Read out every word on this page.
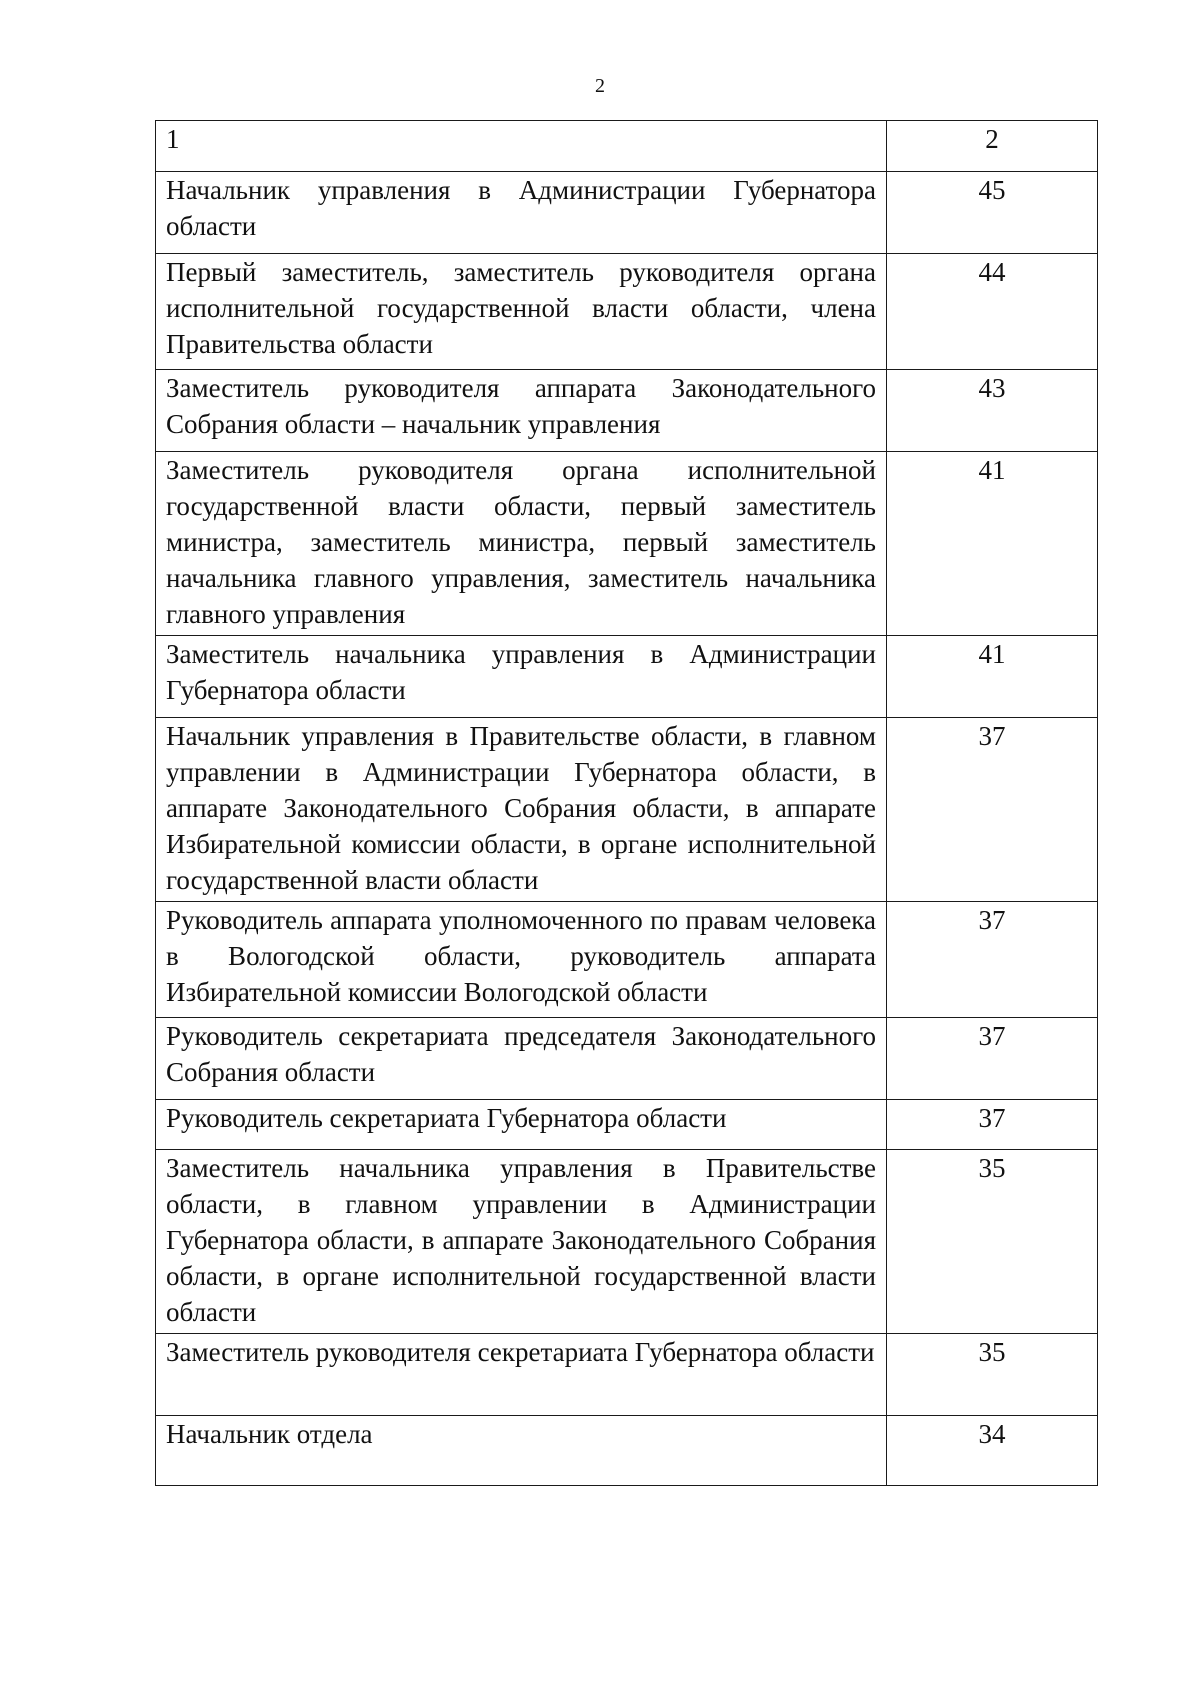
2
1	2
Начальник управления в Администрации Губернатора области	45
Первый заместитель, заместитель руководителя органа исполнительной государственной власти области, члена Правительства области	44
Заместитель руководителя аппарата Законодательного Собрания области – начальник управления	43
Заместитель руководителя органа исполнительной государственной власти области, первый заместитель министра, заместитель министра, первый заместитель начальника главного управления, заместитель начальника главного управления	41
Заместитель начальника управления в Администрации Губернатора области	41
Начальник управления в Правительстве области, в главном управлении в Администрации Губернатора области, в аппарате Законодательного Собрания области, в аппарате Избирательной комиссии области, в органе исполнительной государственной власти области	37
Руководитель аппарата уполномоченного по правам человека в Вологодской области, руководитель аппарата Избирательной комиссии Вологодской области	37
Руководитель секретариата председателя Законодательного Собрания области	37
Руководитель секретариата Губернатора области	37
Заместитель начальника управления в Правительстве области, в главном управлении в Администрации Губернатора области, в аппарате Законодательного Собрания области, в органе исполнительной государственной власти области	35
Заместитель руководителя секретариата Губернатора области	35
Начальник отдела	34
